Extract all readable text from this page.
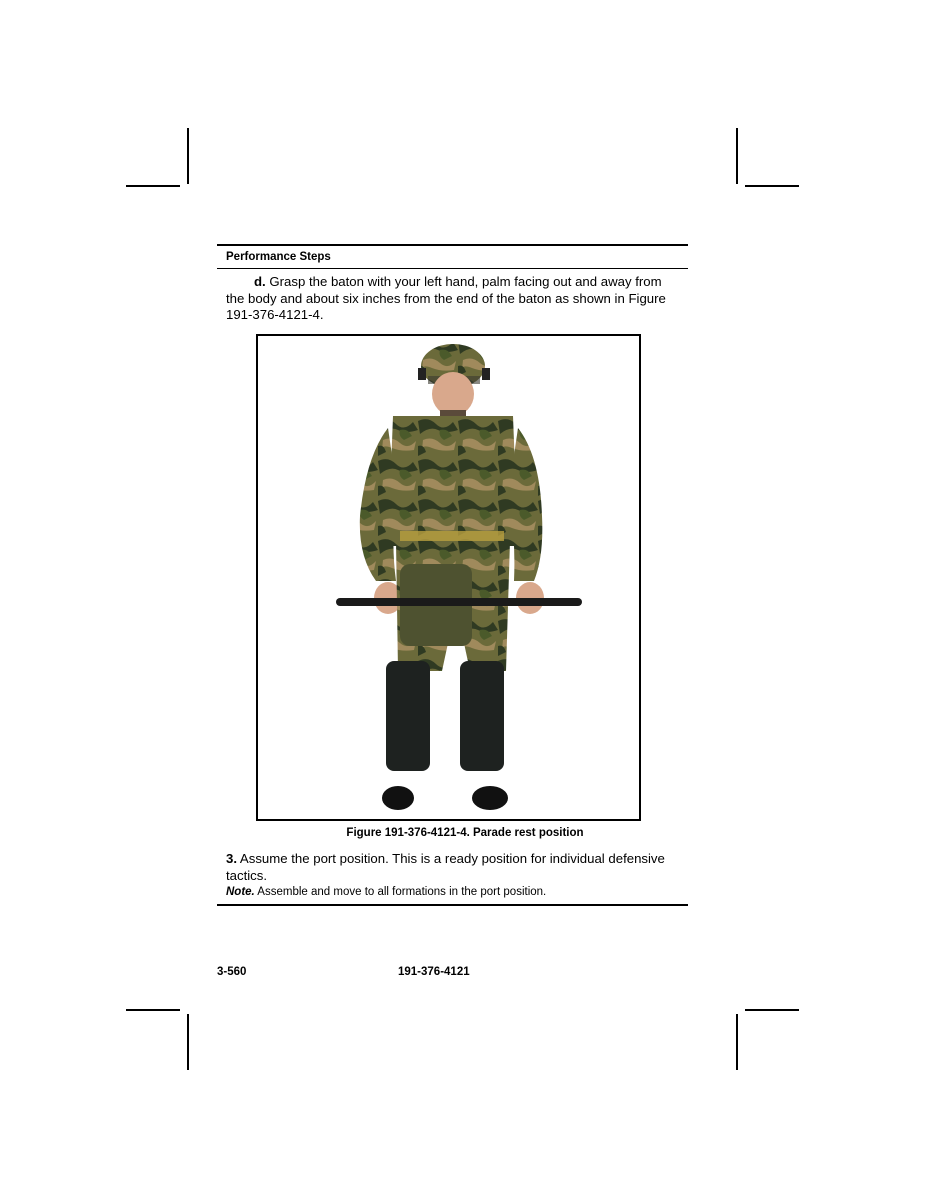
Performance Steps
d. Grasp the baton with your left hand, palm facing out and away from the body and about six inches from the end of the baton as shown in Figure 191-376-4121-4.
Figure 191-376-4121-4. Parade rest position
3. Assume the port position. This is a ready position for individual defensive tactics.
Note. Assemble and move to all formations in the port position.
3-560	191-376-4121
